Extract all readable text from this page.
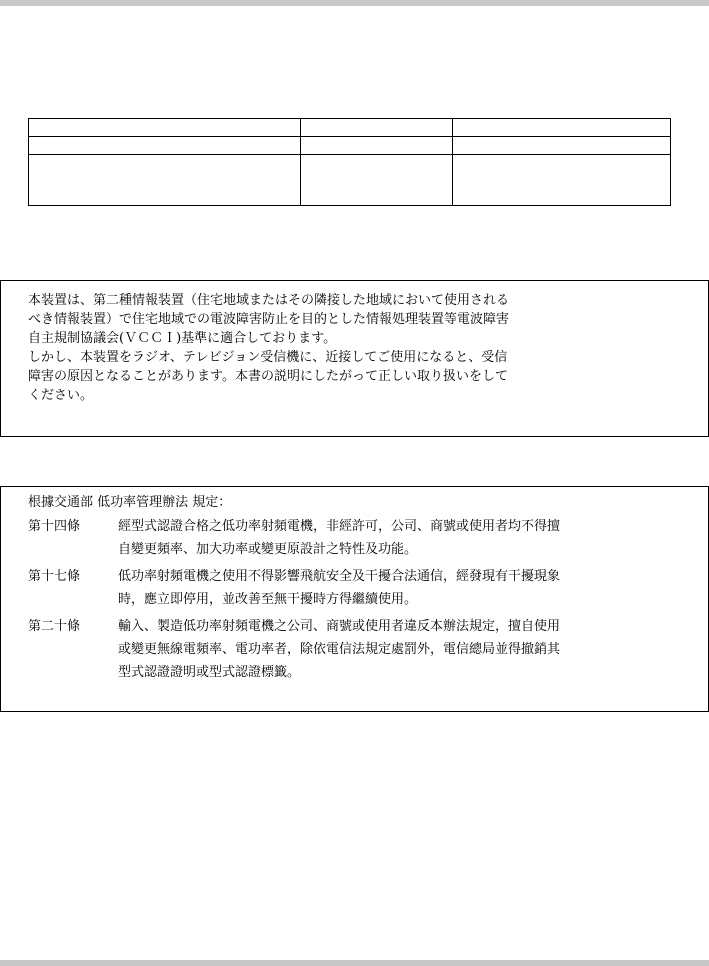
本装置は、第二種情報装置（住宅地域またはその隣接した地域において使用される

べき情報装置）で住宅地域での電波障害防止を目的とした情報処理装置等電波障害

自主規制協議会(ＶＣＣＩ)基準に適合しております。

しかし、本装置をラジオ、テレビジョン受信機に、近接してご使用になると、受信

障害の原因となることがあります。本書の説明にしたがって正しい取り扱いをして

ください。

根據交通部 低功率管理辦法 規定：
第十四條	經型式認證合格之低功率射頻電機，非經許可，公司、商號或使用者均不得擅

自變更頻率、加大功率或變更原設計之特性及功能。

第十七條	低功率射頻電機之使用不得影響飛航安全及干擾合法通信，經發現有干擾現象

時，應立即停用，並改善至無干擾時方得繼續使用。

第二十條	輸入、製造低功率射頻電機之公司、商號或使用者違反本辦法規定，擅自使用

或變更無線電頻率、電功率者，除依電信法規定處罰外，電信總局並得撤銷其

型式認證證明或型式認證標籤。
